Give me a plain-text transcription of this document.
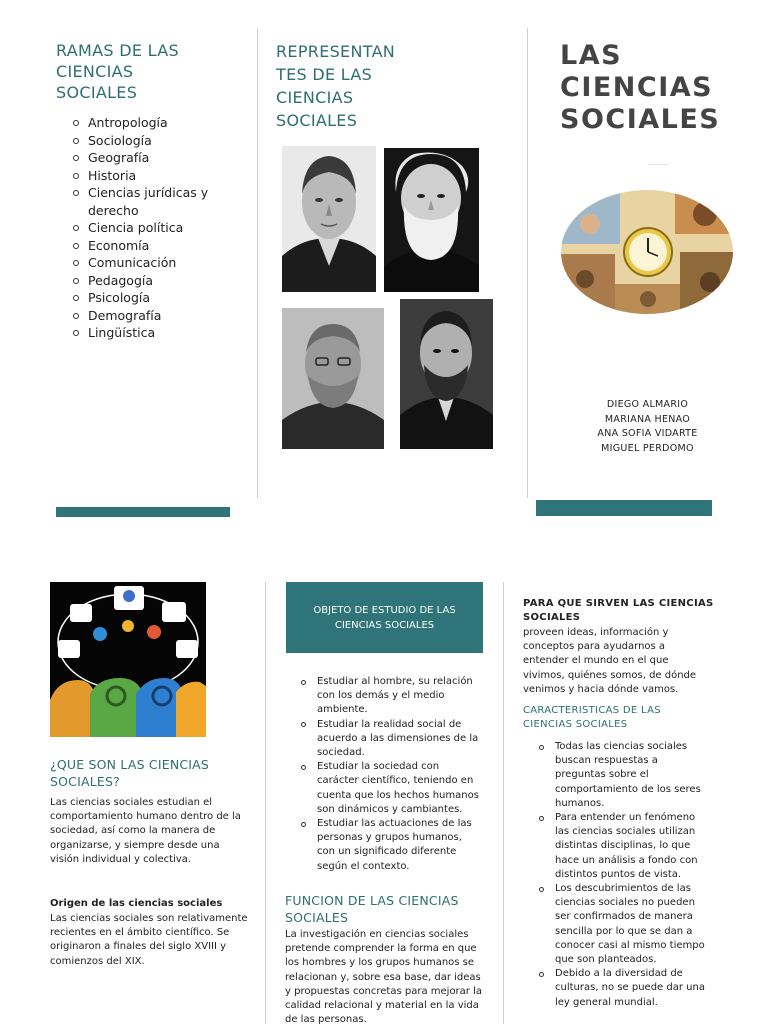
RAMAS DE LAS
CIENCIAS
SOCIALES
Antropología
Sociología
Geografía
Historia
Ciencias jurídicas y derecho
Ciencia política
Economía
Comunicación
Pedagogía
Psicología
Demografía
Lingüística
REPRESENTAN
TES DE LAS
CIENCIAS
SOCIALES
LAS
CIENCIAS
SOCIALES
DIEGO ALMARIO
MARIANA HENAO
ANA SOFIA VIDARTE
MIGUEL PERDOMO
¿QUE SON LAS CIENCIAS SOCIALES?

Las ciencias sociales estudian el comportamiento humano dentro de la sociedad, así como la manera de organizarse, y siempre desde una visión individual y colectiva.

Origen de las ciencias sociales

Las ciencias sociales son relativamente recientes en el ámbito científico. Se originaron a finales del siglo XVIII y comienzos del XIX.

OBJETO DE ESTUDIO DE LAS CIENCIAS SOCIALES
Estudiar al hombre, su relación con los demás y el medio ambiente.
Estudiar la realidad social de acuerdo a las dimensiones de la sociedad.
Estudiar la sociedad con carácter científico, teniendo en cuenta que los hechos humanos son dinámicos y cambiantes.
Estudiar las actuaciones de las personas y grupos humanos, con un significado diferente según el contexto.
FUNCION DE LAS CIENCIAS SOCIALES

La investigación en ciencias sociales pretende comprender la forma en que los hombres y los grupos humanos se relacionan y, sobre esa base, dar ideas y propuestas concretas para mejorar la calidad relacional y material en la vida de las personas.

PARA QUE SIRVEN LAS CIENCIAS SOCIALES

proveen ideas, información y conceptos para ayudarnos a entender el mundo en el que vivimos, quiénes somos, de dónde venimos y hacia dónde vamos.

CARACTERISTICAS DE LAS CIENCIAS SOCIALES

Todas las ciencias sociales buscan respuestas a preguntas sobre el comportamiento de los seres humanos.
Para entender un fenómeno las ciencias sociales utilizan distintas disciplinas, lo que hace un análisis a fondo con distintos puntos de vista.
Los descubrimientos de las ciencias sociales no pueden ser confirmados de manera sencilla por lo que se dan a conocer casi al mismo tiempo que son planteados.
Debido a la diversidad de culturas, no se puede dar una ley general mundial.
